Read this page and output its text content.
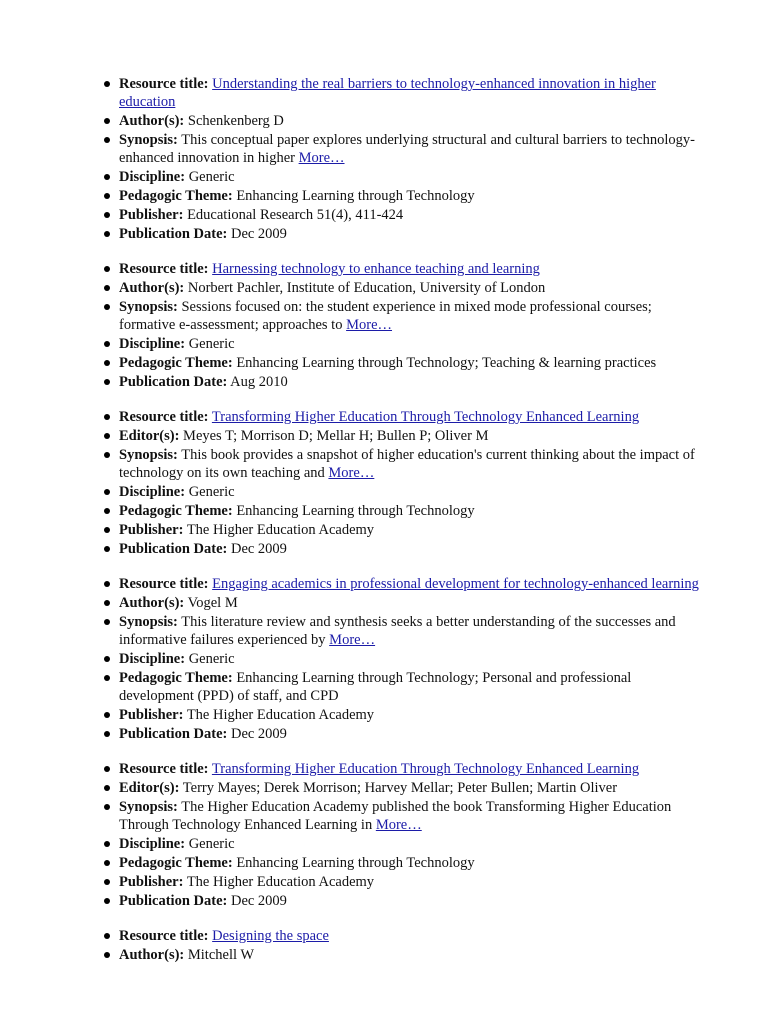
Resource title: Understanding the real barriers to technology-enhanced innovation in higher education
Author(s): Schenkenberg D
Synopsis: This conceptual paper explores underlying structural and cultural barriers to technology-enhanced innovation in higher More…
Discipline: Generic
Pedagogic Theme: Enhancing Learning through Technology
Publisher: Educational Research 51(4), 411-424
Publication Date: Dec 2009
Resource title: Harnessing technology to enhance teaching and learning
Author(s): Norbert Pachler, Institute of Education, University of London
Synopsis: Sessions focused on: the student experience in mixed mode professional courses; formative e-assessment; approaches to More…
Discipline: Generic
Pedagogic Theme: Enhancing Learning through Technology; Teaching & learning practices
Publication Date: Aug 2010
Resource title: Transforming Higher Education Through Technology Enhanced Learning
Editor(s): Meyes T; Morrison D; Mellar H; Bullen P; Oliver M
Synopsis: This book provides a snapshot of higher education's current thinking about the impact of technology on its own teaching and More…
Discipline: Generic
Pedagogic Theme: Enhancing Learning through Technology
Publisher: The Higher Education Academy
Publication Date: Dec 2009
Resource title: Engaging academics in professional development for technology-enhanced learning
Author(s): Vogel M
Synopsis: This literature review and synthesis seeks a better understanding of the successes and informative failures experienced by More…
Discipline: Generic
Pedagogic Theme: Enhancing Learning through Technology; Personal and professional development (PPD) of staff, and CPD
Publisher: The Higher Education Academy
Publication Date: Dec 2009
Resource title: Transforming Higher Education Through Technology Enhanced Learning
Editor(s): Terry Mayes; Derek Morrison; Harvey Mellar; Peter Bullen; Martin Oliver
Synopsis: The Higher Education Academy published the book Transforming Higher Education Through Technology Enhanced Learning in More…
Discipline: Generic
Pedagogic Theme: Enhancing Learning through Technology
Publisher: The Higher Education Academy
Publication Date: Dec 2009
Resource title: Designing the space
Author(s): Mitchell W
